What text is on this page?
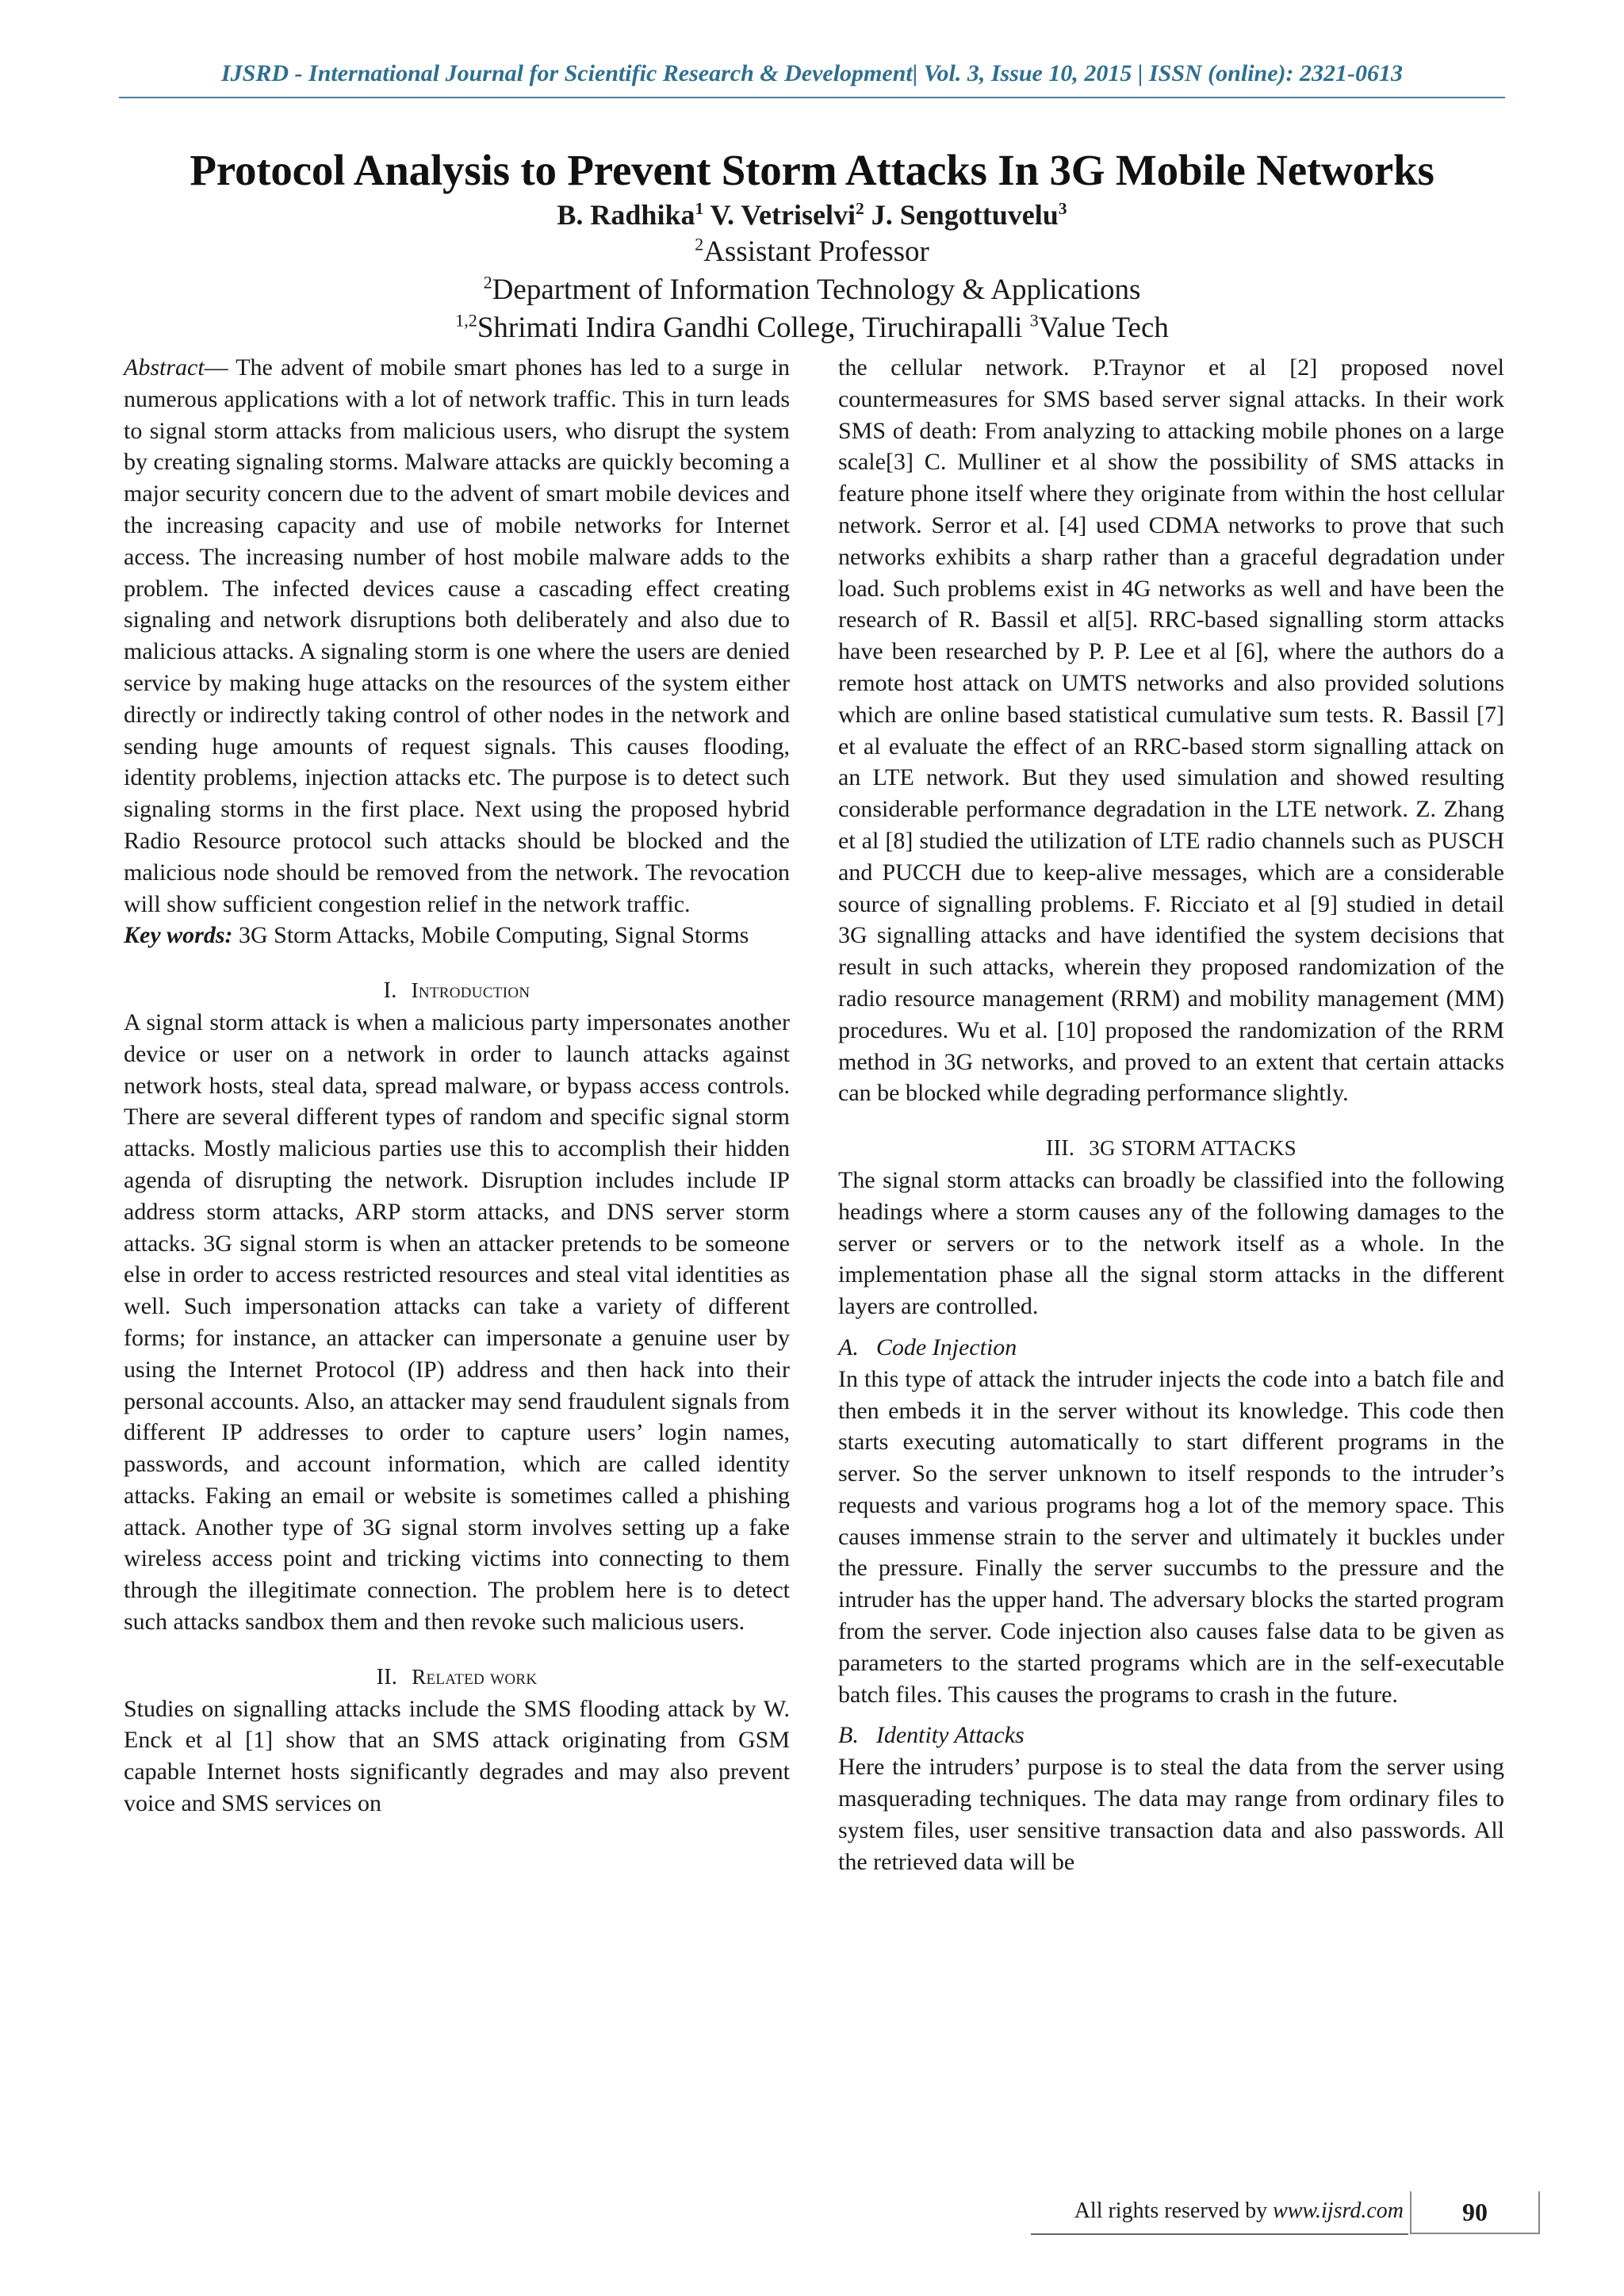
IJSRD - International Journal for Scientific Research & Development| Vol. 3, Issue 10, 2015 | ISSN (online): 2321-0613
Protocol Analysis to Prevent Storm Attacks In 3G Mobile Networks
B. Radhika$^1$ V. Vetriselvi$^2$ J. Sengottuvelu$^3$
$^2$Assistant Professor
$^2$Department of Information Technology & Applications
$^{1,2}$Shrimati Indira Gandhi College, Tiruchirapalli $^3$Value Tech

Abstract— The advent of mobile smart phones has led to a surge in numerous applications with a lot of network traffic. This in turn leads to signal storm attacks from malicious users, who disrupt the system by creating signaling storms. Malware attacks are quickly becoming a major security concern due to the advent of smart mobile devices and the increasing capacity and use of mobile networks for Internet access. The increasing number of host mobile malware adds to the problem. The infected devices cause a cascading effect creating signaling and network disruptions both deliberately and also due to malicious attacks. A signaling storm is one where the users are denied service by making huge attacks on the resources of the system either directly or indirectly taking control of other nodes in the network and sending huge amounts of request signals. This causes flooding, identity problems, injection attacks etc. The purpose is to detect such signaling storms in the first place. Next using the proposed hybrid Radio Resource protocol such attacks should be blocked and the malicious node should be removed from the network. The revocation will show sufficient congestion relief in the network traffic.

Key words: 3G Storm Attacks, Mobile Computing, Signal Storms

I. Introduction

A signal storm attack is when a malicious party impersonates another device or user on a network in order to launch attacks against network hosts, steal data, spread malware, or bypass access controls. There are several different types of random and specific signal storm attacks. Mostly malicious parties use this to accomplish their hidden agenda of disrupting the network. Disruption includes include IP address storm attacks, ARP storm attacks, and DNS server storm attacks. 3G signal storm is when an attacker pretends to be someone else in order to access restricted resources and steal vital identities as well. Such impersonation attacks can take a variety of different forms; for instance, an attacker can impersonate a genuine user by using the Internet Protocol (IP) address and then hack into their personal accounts. Also, an attacker may send fraudulent signals from different IP addresses to order to capture users’ login names, passwords, and account information, which are called identity attacks. Faking an email or website is sometimes called a phishing attack. Another type of 3G signal storm involves setting up a fake wireless access point and tricking victims into connecting to them through the illegitimate connection. The problem here is to detect such attacks sandbox them and then revoke such malicious users.

II. Related work

Studies on signalling attacks include the SMS flooding attack by W. Enck et al [1] show that an SMS attack originating from GSM capable Internet hosts significantly degrades and may also prevent voice and SMS services on

the cellular network. P.Traynor et al [2] proposed novel countermeasures for SMS based server signal attacks. In their work SMS of death: From analyzing to attacking mobile phones on a large scale[3] C. Mulliner et al show the possibility of SMS attacks in feature phone itself where they originate from within the host cellular network. Serror et al. [4] used CDMA networks to prove that such networks exhibits a sharp rather than a graceful degradation under load. Such problems exist in 4G networks as well and have been the research of R. Bassil et al[5]. RRC-based signalling storm attacks have been researched by P. P. Lee et al [6], where the authors do a remote host attack on UMTS networks and also provided solutions which are online based statistical cumulative sum tests. R. Bassil [7] et al evaluate the effect of an RRC-based storm signalling attack on an LTE network. But they used simulation and showed resulting considerable performance degradation in the LTE network. Z. Zhang et al [8] studied the utilization of LTE radio channels such as PUSCH and PUCCH due to keep-alive messages, which are a considerable source of signalling problems. F. Ricciato et al [9] studied in detail 3G signalling attacks and have identified the system decisions that result in such attacks, wherein they proposed randomization of the radio resource management (RRM) and mobility management (MM) procedures. Wu et al. [10] proposed the randomization of the RRM method in 3G networks, and proved to an extent that certain attacks can be blocked while degrading performance slightly.

III. 3G STORM ATTACKS

The signal storm attacks can broadly be classified into the following headings where a storm causes any of the following damages to the server or servers or to the network itself as a whole. In the implementation phase all the signal storm attacks in the different layers are controlled.

A. Code Injection

In this type of attack the intruder injects the code into a batch file and then embeds it in the server without its knowledge. This code then starts executing automatically to start different programs in the server. So the server unknown to itself responds to the intruder’s requests and various programs hog a lot of the memory space. This causes immense strain to the server and ultimately it buckles under the pressure. Finally the server succumbs to the pressure and the intruder has the upper hand. The adversary blocks the started program from the server. Code injection also causes false data to be given as parameters to the started programs which are in the self-executable batch files. This causes the programs to crash in the future.

B. Identity Attacks

Here the intruders’ purpose is to steal the data from the server using masquerading techniques. The data may range from ordinary files to system files, user sensitive transaction data and also passwords. All the retrieved data will be

All rights reserved by www.ijsrd.com	90
